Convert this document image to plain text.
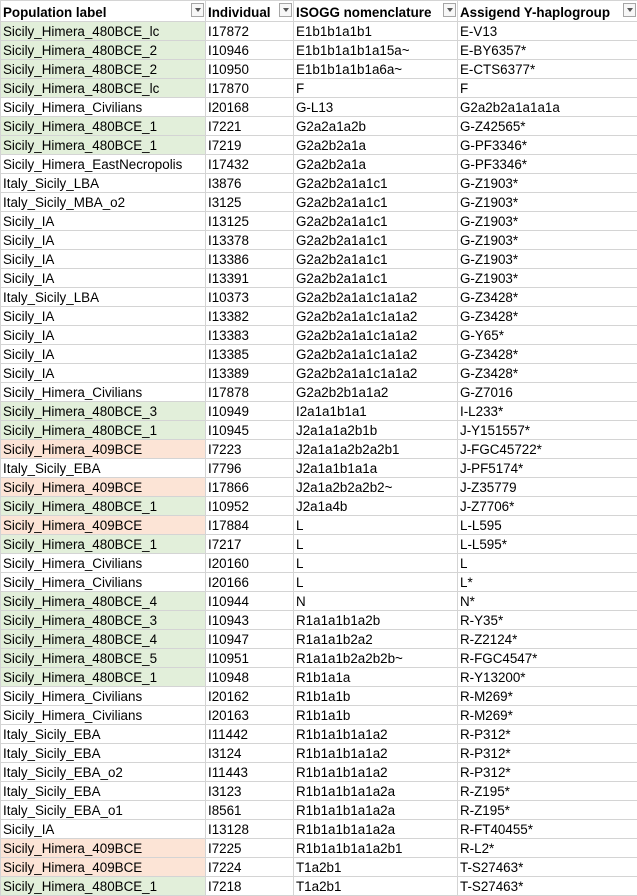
Population label	Individual	ISOGG nomenclature	Assigend Y-haplogroup

Sicily_Himera_480BCE_lc	I17872	E1b1b1a1b1	E-V13
Sicily_Himera_480BCE_2	I10946	E1b1b1a1b1a15a~	E-BY6357*
Sicily_Himera_480BCE_2	I10950	E1b1b1a1b1a6a~	E-CTS6377*
Sicily_Himera_480BCE_lc	I17870	F	F
Sicily_Himera_Civilians	I20168	G-L13	G2a2b2a1a1a1a
Sicily_Himera_480BCE_1	I7221	G2a2a1a2b	G-Z42565*
Sicily_Himera_480BCE_1	I7219	G2a2b2a1a	G-PF3346*
Sicily_Himera_EastNecropolis	I17432	G2a2b2a1a	G-PF3346*
Italy_Sicily_LBA	I3876	G2a2b2a1a1c1	G-Z1903*
Italy_Sicily_MBA_o2	I3125	G2a2b2a1a1c1	G-Z1903*
Sicily_IA	I13125	G2a2b2a1a1c1	G-Z1903*
Sicily_IA	I13378	G2a2b2a1a1c1	G-Z1903*
Sicily_IA	I13386	G2a2b2a1a1c1	G-Z1903*
Sicily_IA	I13391	G2a2b2a1a1c1	G-Z1903*
Italy_Sicily_LBA	I10373	G2a2b2a1a1c1a1a2	G-Z3428*
Sicily_IA	I13382	G2a2b2a1a1c1a1a2	G-Z3428*
Sicily_IA	I13383	G2a2b2a1a1c1a1a2	G-Y65*
Sicily_IA	I13385	G2a2b2a1a1c1a1a2	G-Z3428*
Sicily_IA	I13389	G2a2b2a1a1c1a1a2	G-Z3428*
Sicily_Himera_Civilians	I17878	G2a2b2b1a1a2	G-Z7016
Sicily_Himera_480BCE_3	I10949	I2a1a1b1a1	I-L233*
Sicily_Himera_480BCE_1	I10945	J2a1a1a2b1b	J-Y151557*
Sicily_Himera_409BCE	I7223	J2a1a1a2b2a2b1	J-FGC45722*
Italy_Sicily_EBA	I7796	J2a1a1b1a1a	J-PF5174*
Sicily_Himera_409BCE	I17866	J2a1a2b2a2b2~	J-Z35779
Sicily_Himera_480BCE_1	I10952	J2a1a4b	J-Z7706*
Sicily_Himera_409BCE	I17884	L	L-L595
Sicily_Himera_480BCE_1	I7217	L	L-L595*
Sicily_Himera_Civilians	I20160	L	L
Sicily_Himera_Civilians	I20166	L	L*
Sicily_Himera_480BCE_4	I10944	N	N*
Sicily_Himera_480BCE_3	I10943	R1a1a1b1a2b	R-Y35*
Sicily_Himera_480BCE_4	I10947	R1a1a1b2a2	R-Z2124*
Sicily_Himera_480BCE_5	I10951	R1a1a1b2a2b2b~	R-FGC4547*
Sicily_Himera_480BCE_1	I10948	R1b1a1a	R-Y13200*
Sicily_Himera_Civilians	I20162	R1b1a1b	R-M269*
Sicily_Himera_Civilians	I20163	R1b1a1b	R-M269*
Italy_Sicily_EBA	I11442	R1b1a1b1a1a2	R-P312*
Italy_Sicily_EBA	I3124	R1b1a1b1a1a2	R-P312*
Italy_Sicily_EBA_o2	I11443	R1b1a1b1a1a2	R-P312*
Italy_Sicily_EBA	I3123	R1b1a1b1a1a2a	R-Z195*
Italy_Sicily_EBA_o1	I8561	R1b1a1b1a1a2a	R-Z195*
Sicily_IA	I13128	R1b1a1b1a1a2a	R-FT40455*
Sicily_Himera_409BCE	I7225	R1b1a1b1a1a2b1	R-L2*
Sicily_Himera_409BCE	I7224	T1a2b1	T-S27463*
Sicily_Himera_480BCE_1	I7218	T1a2b1	T-S27463*
